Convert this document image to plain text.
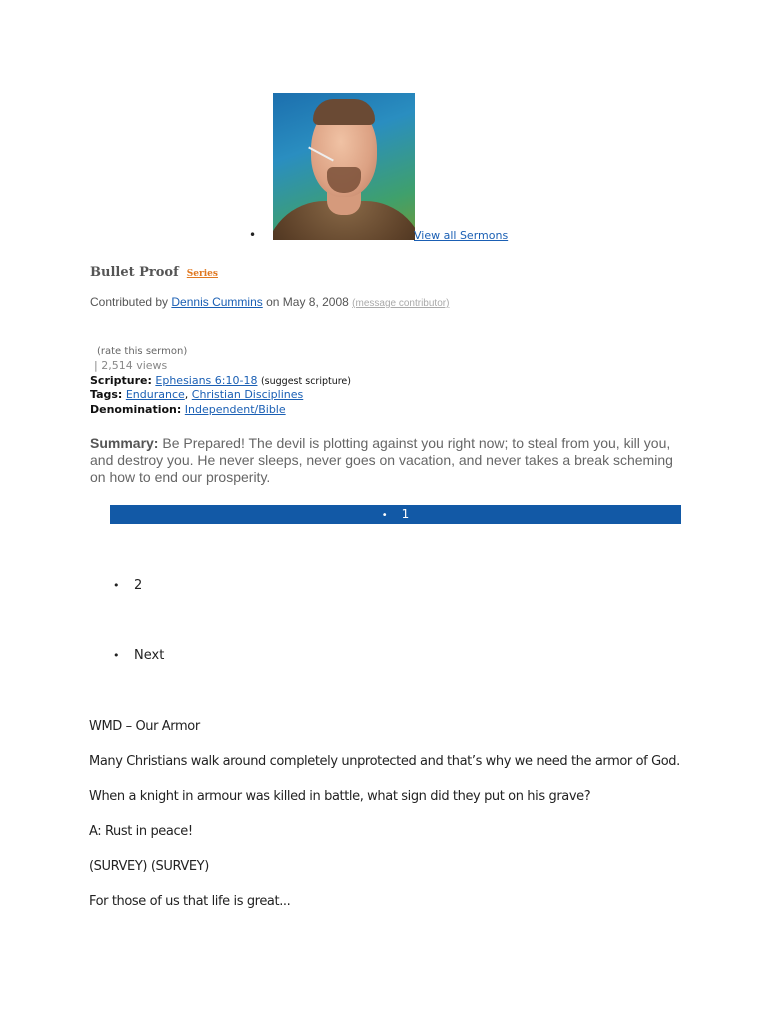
•	View all Sermons
Bullet Proof Series
Contributed by Dennis Cummins on May 8, 2008 (message contributor)
(rate this sermon)
| 2,514 views
Scripture: Ephesians 6:10-18 (suggest scripture)
Tags: Endurance, Christian Disciplines
Denomination: Independent/Bible
Summary: Be Prepared! The devil is plotting against you right now; to steal from you, kill you, and destroy you. He never sleeps, never goes on vacation, and never takes a break scheming on how to end our prosperity.
• 1
• 2
• Next
WMD – Our Armor
Many Christians walk around completely unprotected and that’s why we need the armor of God.
When a knight in armour was killed in battle, what sign did they put on his grave?
A: Rust in peace!
(SURVEY) (SURVEY)
For those of us that life is great...
